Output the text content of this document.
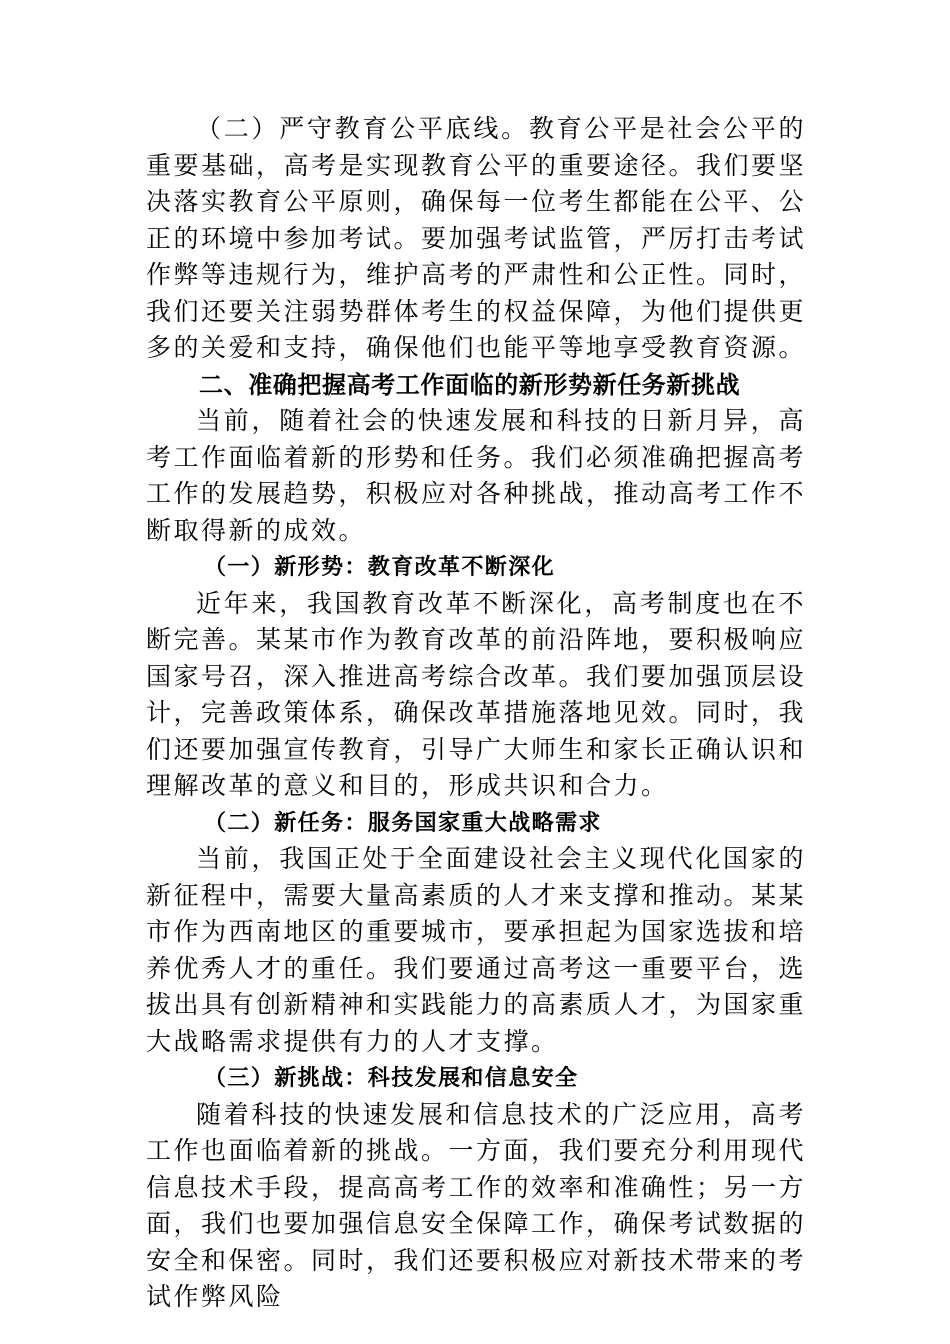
（二）严守教育公平底线。教育公平是社会公平的重要基础，高考是实现教育公平的重要途径。我们要坚决落实教育公平原则，确保每一位考生都能在公平、公正的环境中参加考试。要加强考试监管，严厉打击考试作弊等违规行为，维护高考的严肃性和公正性。同时，我们还要关注弱势群体考生的权益保障，为他们提供更多的关爱和支持，确保他们也能平等地享受教育资源。

二、准确把握高考工作面临的新形势新任务新挑战

当前，随着社会的快速发展和科技的日新月异，高考工作面临着新的形势和任务。我们必须准确把握高考工作的发展趋势，积极应对各种挑战，推动高考工作不断取得新的成效。

（一）新形势：教育改革不断深化

近年来，我国教育改革不断深化，高考制度也在不断完善。某某市作为教育改革的前沿阵地，要积极响应国家号召，深入推进高考综合改革。我们要加强顶层设计，完善政策体系，确保改革措施落地见效。同时，我们还要加强宣传教育，引导广大师生和家长正确认识和理解改革的意义和目的，形成共识和合力。

（二）新任务：服务国家重大战略需求

当前，我国正处于全面建设社会主义现代化国家的新征程中，需要大量高素质的人才来支撑和推动。某某市作为西南地区的重要城市，要承担起为国家选拔和培养优秀人才的重任。我们要通过高考这一重要平台，选拔出具有创新精神和实践能力的高素质人才，为国家重大战略需求提供有力的人才支撑。

（三）新挑战：科技发展和信息安全

随着科技的快速发展和信息技术的广泛应用，高考工作也面临着新的挑战。一方面，我们要充分利用现代信息技术手段，提高高考工作的效率和准确性；另一方面，我们也要加强信息安全保障工作，确保考试数据的安全和保密。同时，我们还要积极应对新技术带来的考试作弊风险
